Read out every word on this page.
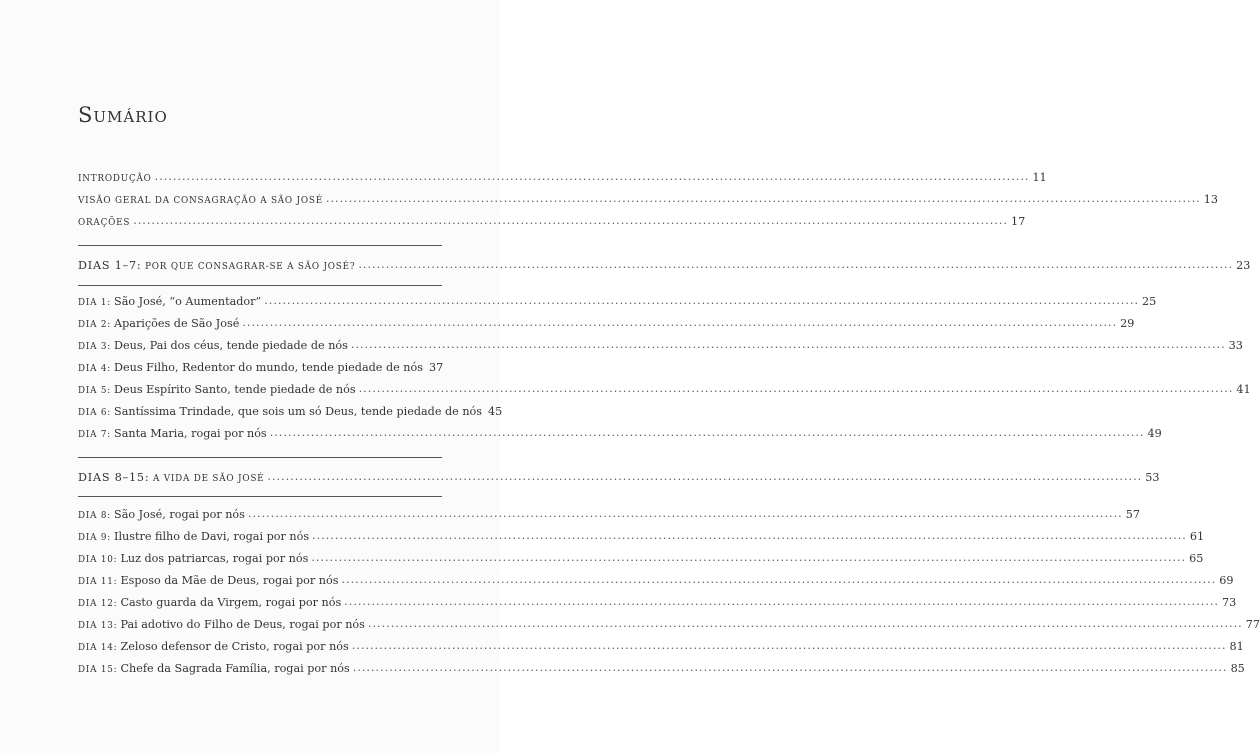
Sumário
INTRODUÇÃO .....	11
VISÃO GERAL DA CONSAGRAÇÃO A SÃO JOSÉ .....	13
ORAÇÕES .....	17
DIAS 1–7: POR QUE CONSAGRAR-SE A SÃO JOSÉ? .....	23
DIA 1: São José, “o Aumentador” .....	25
DIA 2: Aparições de São José .....	29
DIA 3: Deus, Pai dos céus, tende piedade de nós .....	33
DIA 4: Deus Filho, Redentor do mundo, tende piedade de nós 37
DIA 5: Deus Espírito Santo, tende piedade de nós .....	41
DIA 6: Santíssima Trindade, que sois um só Deus, tende piedade de nós 45
DIA 7: Santa Maria, rogai por nós .....	49
DIAS 8–15: A VIDA DE SÃO JOSÉ .....	53
DIA 8: São José, rogai por nós .....	57
DIA 9: Ilustre filho de Davi, rogai por nós .....	61
DIA 10: Luz dos patriarcas, rogai por nós .....	65
DIA 11: Esposo da Mãe de Deus, rogai por nós .....	69
DIA 12: Casto guarda da Virgem, rogai por nós .....	73
DIA 13: Pai adotivo do Filho de Deus, rogai por nós .....	77
DIA 14: Zeloso defensor de Cristo, rogai por nós .....	81
DIA 15: Chefe da Sagrada Família, rogai por nós .....	85
